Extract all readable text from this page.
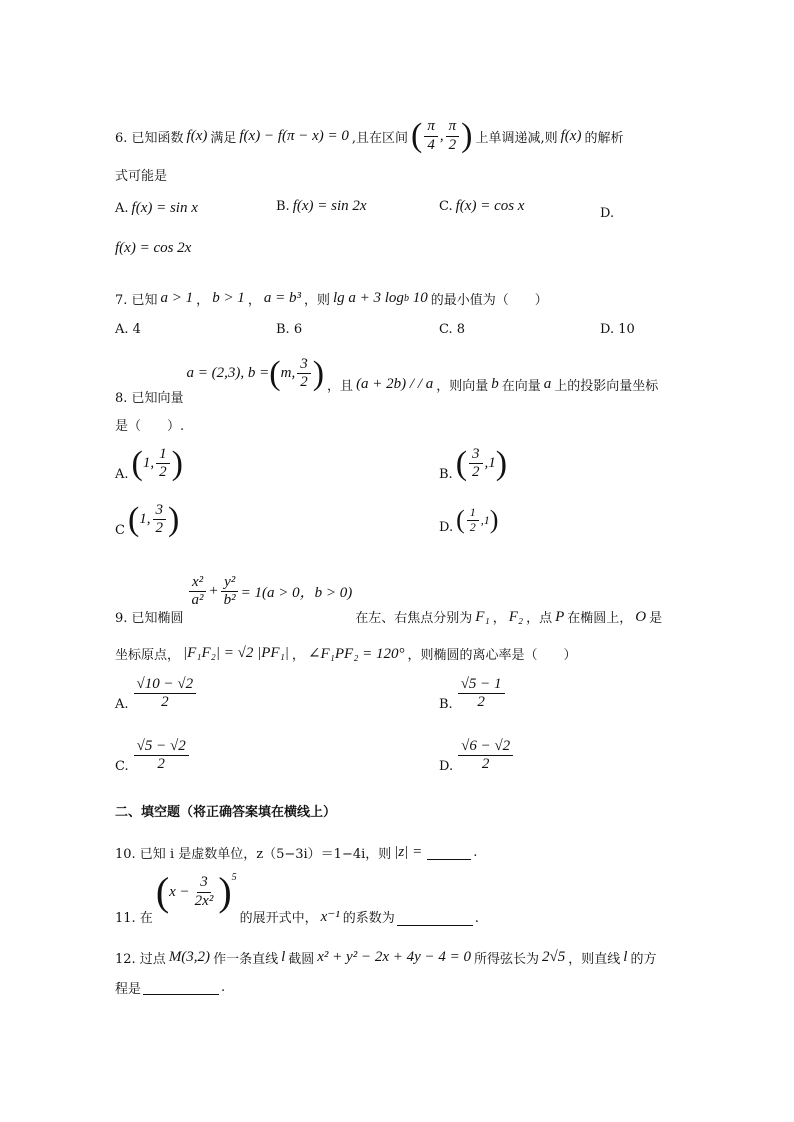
6. 已知函数 f(x) 满足 f(x) − f(π − x) = 0 ,且在区间 ( $\frac{\pi}{4}$ , $\frac{\pi}{2}$ ) 上单调递减,则 f(x) 的解析
式可能是
A. f(x) = sin x	B. f(x) = sin 2x	C. f(x) = cos x	D.
f(x) = cos 2x
7. 已知 a > 1 ， b > 1 ， a = b³ ，则 lg a + 3 log b
10 的最小值为（　　）
A. 4	B. 6	C. 8	D. 10
8. 已知向量
a = (2,3),
b = ( m, $\frac{3}{2}$ ) ，且 (a + 2b) / / a ，则向量 b 在向量 a 上的投影向量坐标
是（　　）.
A. ( 1, $\frac{1}{2}$ )	B. ( $\frac{3}{2} ,1$ )
C ( 1, $\frac{3}{2}$ )	D. ( $\frac{1}{2} ,1$ )
9. 已知椭圆
$\frac{\text{x²}}{\text{a²}} + \frac{\text{y²}}{\text{b²}} = 1(a > 0$，b > 0)
在左、右焦点分别为 F₁ ， F₂ ，点 P 在椭圆上， O 是
坐标原点， |F₁F₂| = √2 |PF₁| ， ∠F₁PF₂ = 120° ，则椭圆的离心率是（　　）
A. $\frac{√10 - √2}{2}$	B. $\frac{√5 - 1}{2}$
C. $\frac{√5 - √2}{2}$	D. $\frac{√6 - √2}{2}$
二、填空题（将正确答案填在横线上）
10. 已知 i 是虚数单位，z（5−3i）＝1−4i，则 |z| =	.
11. 在
( $x - \frac{3}{\text{2x²}} )^5$
的展开式中， x⁻¹ 的系数为	.
12. 过点 M(3,2) 作一条直线 l 截圆 x² + y² − 2x + 4y − 4 = 0 所得弦长为 2√5 ，则直线 l 的方
程是	.
